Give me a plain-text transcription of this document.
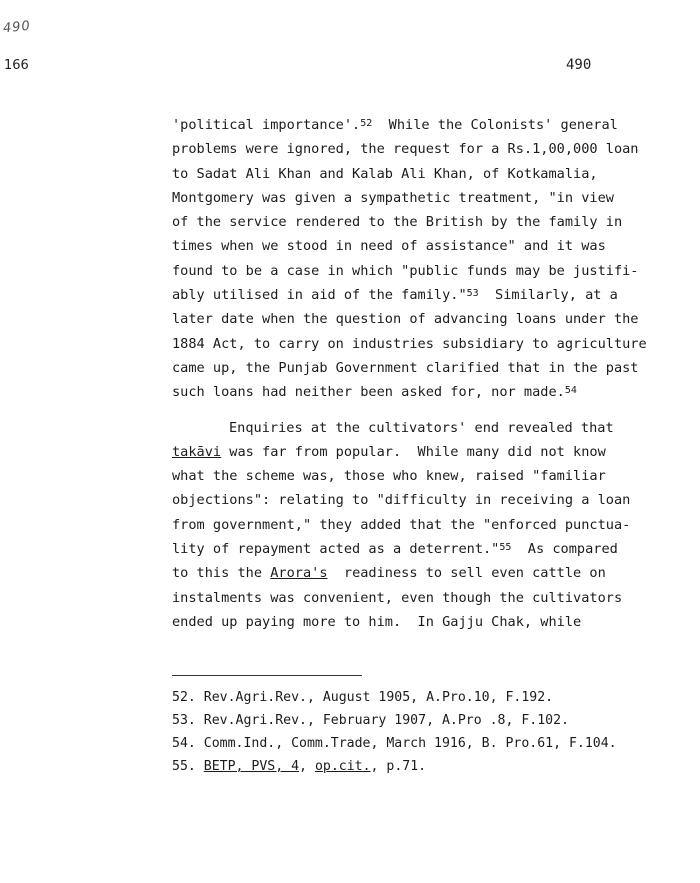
490
166	490
'political importance'.$^{52}$  While the Colonists' general
problems were ignored, the request for a Rs.1,00,000 loan
to Sadat Ali Khan and Kalab Ali Khan, of Kotkamalia,
Montgomery was given a sympathetic treatment, "in view
of the service rendered to the British by the family in
times when we stood in need of assistance" and it was
found to be a case in which "public funds may be justifi-
ably utilised in aid of the family."$^{53}$  Similarly, at a
later date when the question of advancing loans under the
1884 Act, to carry on industries subsidiary to agriculture
came up, the Punjab Government clarified that in the past
such loans had neither been asked for, nor made.$^{54}$
Enquiries at the cultivators' end revealed that
takāvi was far from popular.  While many did not know
what the scheme was, those who knew, raised "familiar
objections": relating to "difficulty in receiving a loan
from government," they added that the "enforced punctua-
lity of repayment acted as a deterrent."$^{55}$  As compared
to this the Arora's  readiness to sell even cattle on
instalments was convenient, even though the cultivators
ended up paying more to him.  In Gajju Chak, while
52. Rev.Agri.Rev., August 1905, A.Pro.10, F.192.
53. Rev.Agri.Rev., February 1907, A.Pro .8, F.102.
54. Comm.Ind., Comm.Trade, March 1916, B. Pro.61, F.104.
55. BETP, PVS, 4, op.cit., p.71.
